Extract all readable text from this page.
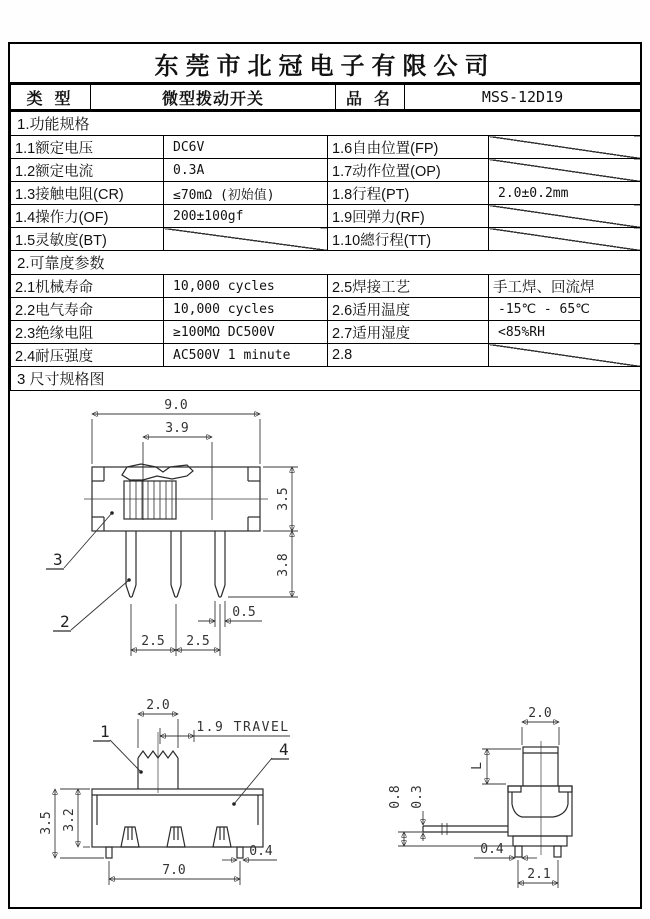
东莞市北冠电子有限公司
类 型	微型拨动开关	品 名	MSS-12D19
1.功能规格			
1.1额定电压	DC6V	1.6自由位置(FP)	
1.2额定电流	0.3A	1.7动作位置(OP)	
1.3接触电阻(CR)	≤70mΩ (初始值)	1.8行程(PT)	2.0±0.2mm
1.4操作力(OF)	200±100gf	1.9回弹力(RF)	
1.5灵敏度(BT)		1.10總行程(TT)	
2.可靠度参数			
2.1机械寿命	10,000 cycles	2.5焊接工艺	手工焊、回流焊
2.2电气寿命	10,000 cycles	2.6适用温度	-15℃ - 65℃
2.3绝缘电阻	≥100MΩ DC500V	2.7适用湿度	<85%RH
2.4耐压强度	AC500V 1 minute	2.8	
3 尺寸规格图			
9.0
3.9
3.5
3.8
2.5 2.5
0.5
3
2
2.0
1.9 TRAVEL
1
3.5 3.2
7.0
0.4
4
2.0
L
0.8 0.3
0.4
2.1
